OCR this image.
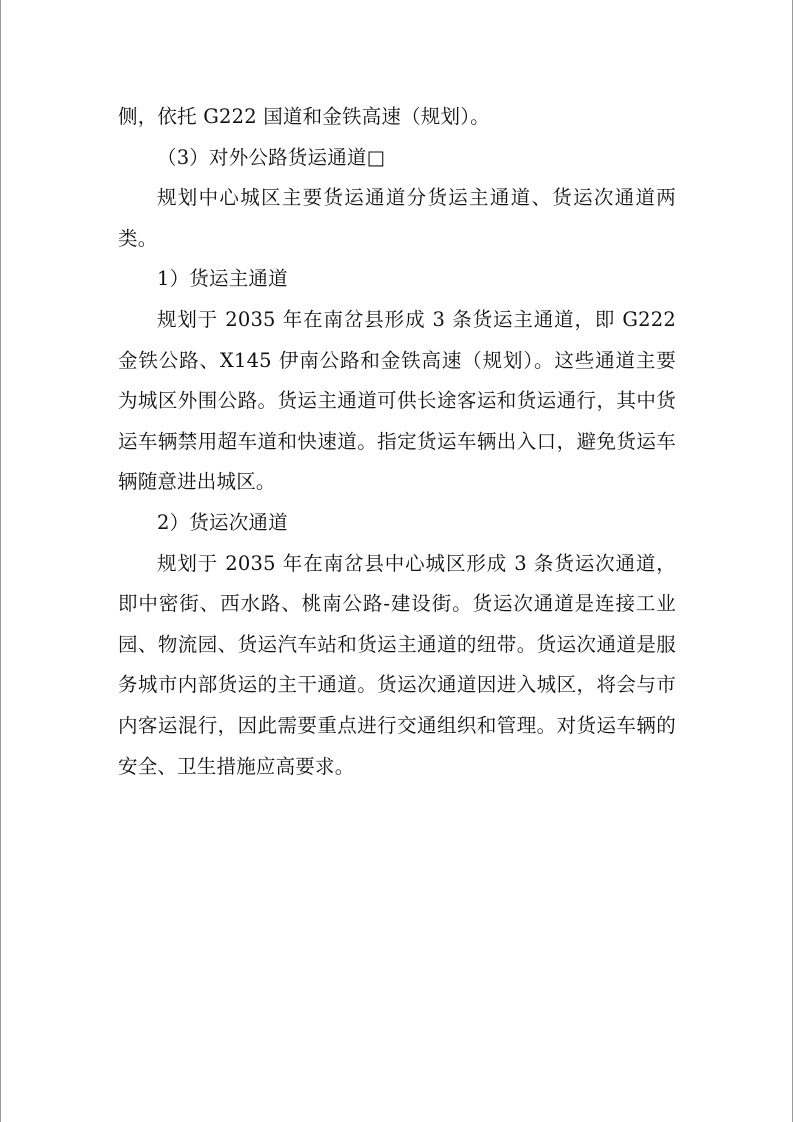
侧，依托 G222 国道和金铁高速（规划）。

（3）对外公路货运通道□

规划中心城区主要货运通道分货运主通道、货运次通道两类。

1）货运主通道

规划于 2035 年在南岔县形成 3 条货运主通道，即 G222 金铁公路、X145 伊南公路和金铁高速（规划）。这些通道主要为城区外围公路。货运主通道可供长途客运和货运通行，其中货运车辆禁用超车道和快速道。指定货运车辆出入口，避免货运车辆随意进出城区。

2）货运次通道

规划于 2035 年在南岔县中心城区形成 3 条货运次通道，即中密街、西水路、桃南公路-建设街。货运次通道是连接工业园、物流园、货运汽车站和货运主通道的纽带。货运次通道是服务城市内部货运的主干通道。货运次通道因进入城区，将会与市内客运混行，因此需要重点进行交通组织和管理。对货运车辆的安全、卫生措施应高要求。
